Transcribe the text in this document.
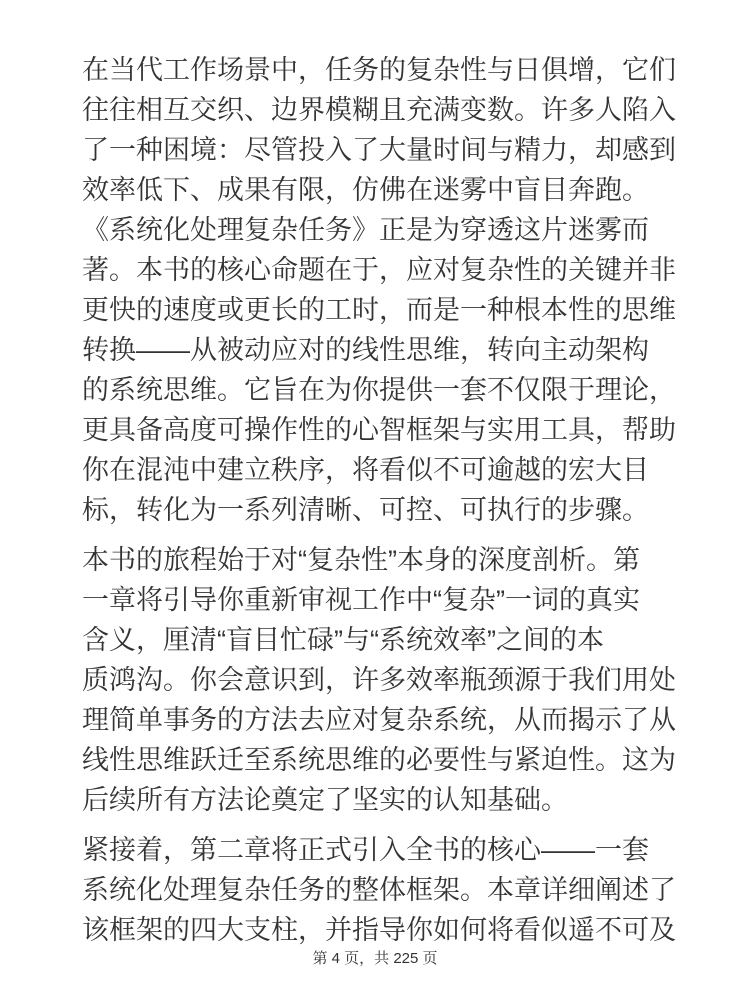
在当代工作场景中，任务的复杂性与日俱增，它们
往往相互交织、边界模糊且充满变数。许多人陷入
了一种困境：尽管投入了大量时间与精力，却感到
效率低下、成果有限，仿佛在迷雾中盲目奔跑。
《系统化处理复杂任务》正是为穿透这片迷雾而
著。本书的核心命题在于，应对复杂性的关键并非
更快的速度或更长的工时，而是一种根本性的思维
转换——从被动应对的线性思维，转向主动架构
的系统思维。它旨在为你提供一套不仅限于理论，
更具备高度可操作性的心智框架与实用工具，帮助
你在混沌中建立秩序，将看似不可逾越的宏大目
标，转化为一系列清晰、可控、可执行的步骤。
本书的旅程始于对“复杂性”本身的深度剖析。第
一章将引导你重新审视工作中“复杂”一词的真实
含义，厘清“盲目忙碌”与“系统效率”之间的本
质鸿沟。你会意识到，许多效率瓶颈源于我们用处
理简单事务的方法去应对复杂系统，从而揭示了从
线性思维跃迁至系统思维的必要性与紧迫性。这为
后续所有方法论奠定了坚实的认知基础。
紧接着，第二章将正式引入全书的核心——一套
系统化处理复杂任务的整体框架。本章详细阐述了
该框架的四大支柱，并指导你如何将看似遥不可及
第 4 页，共 225 页
